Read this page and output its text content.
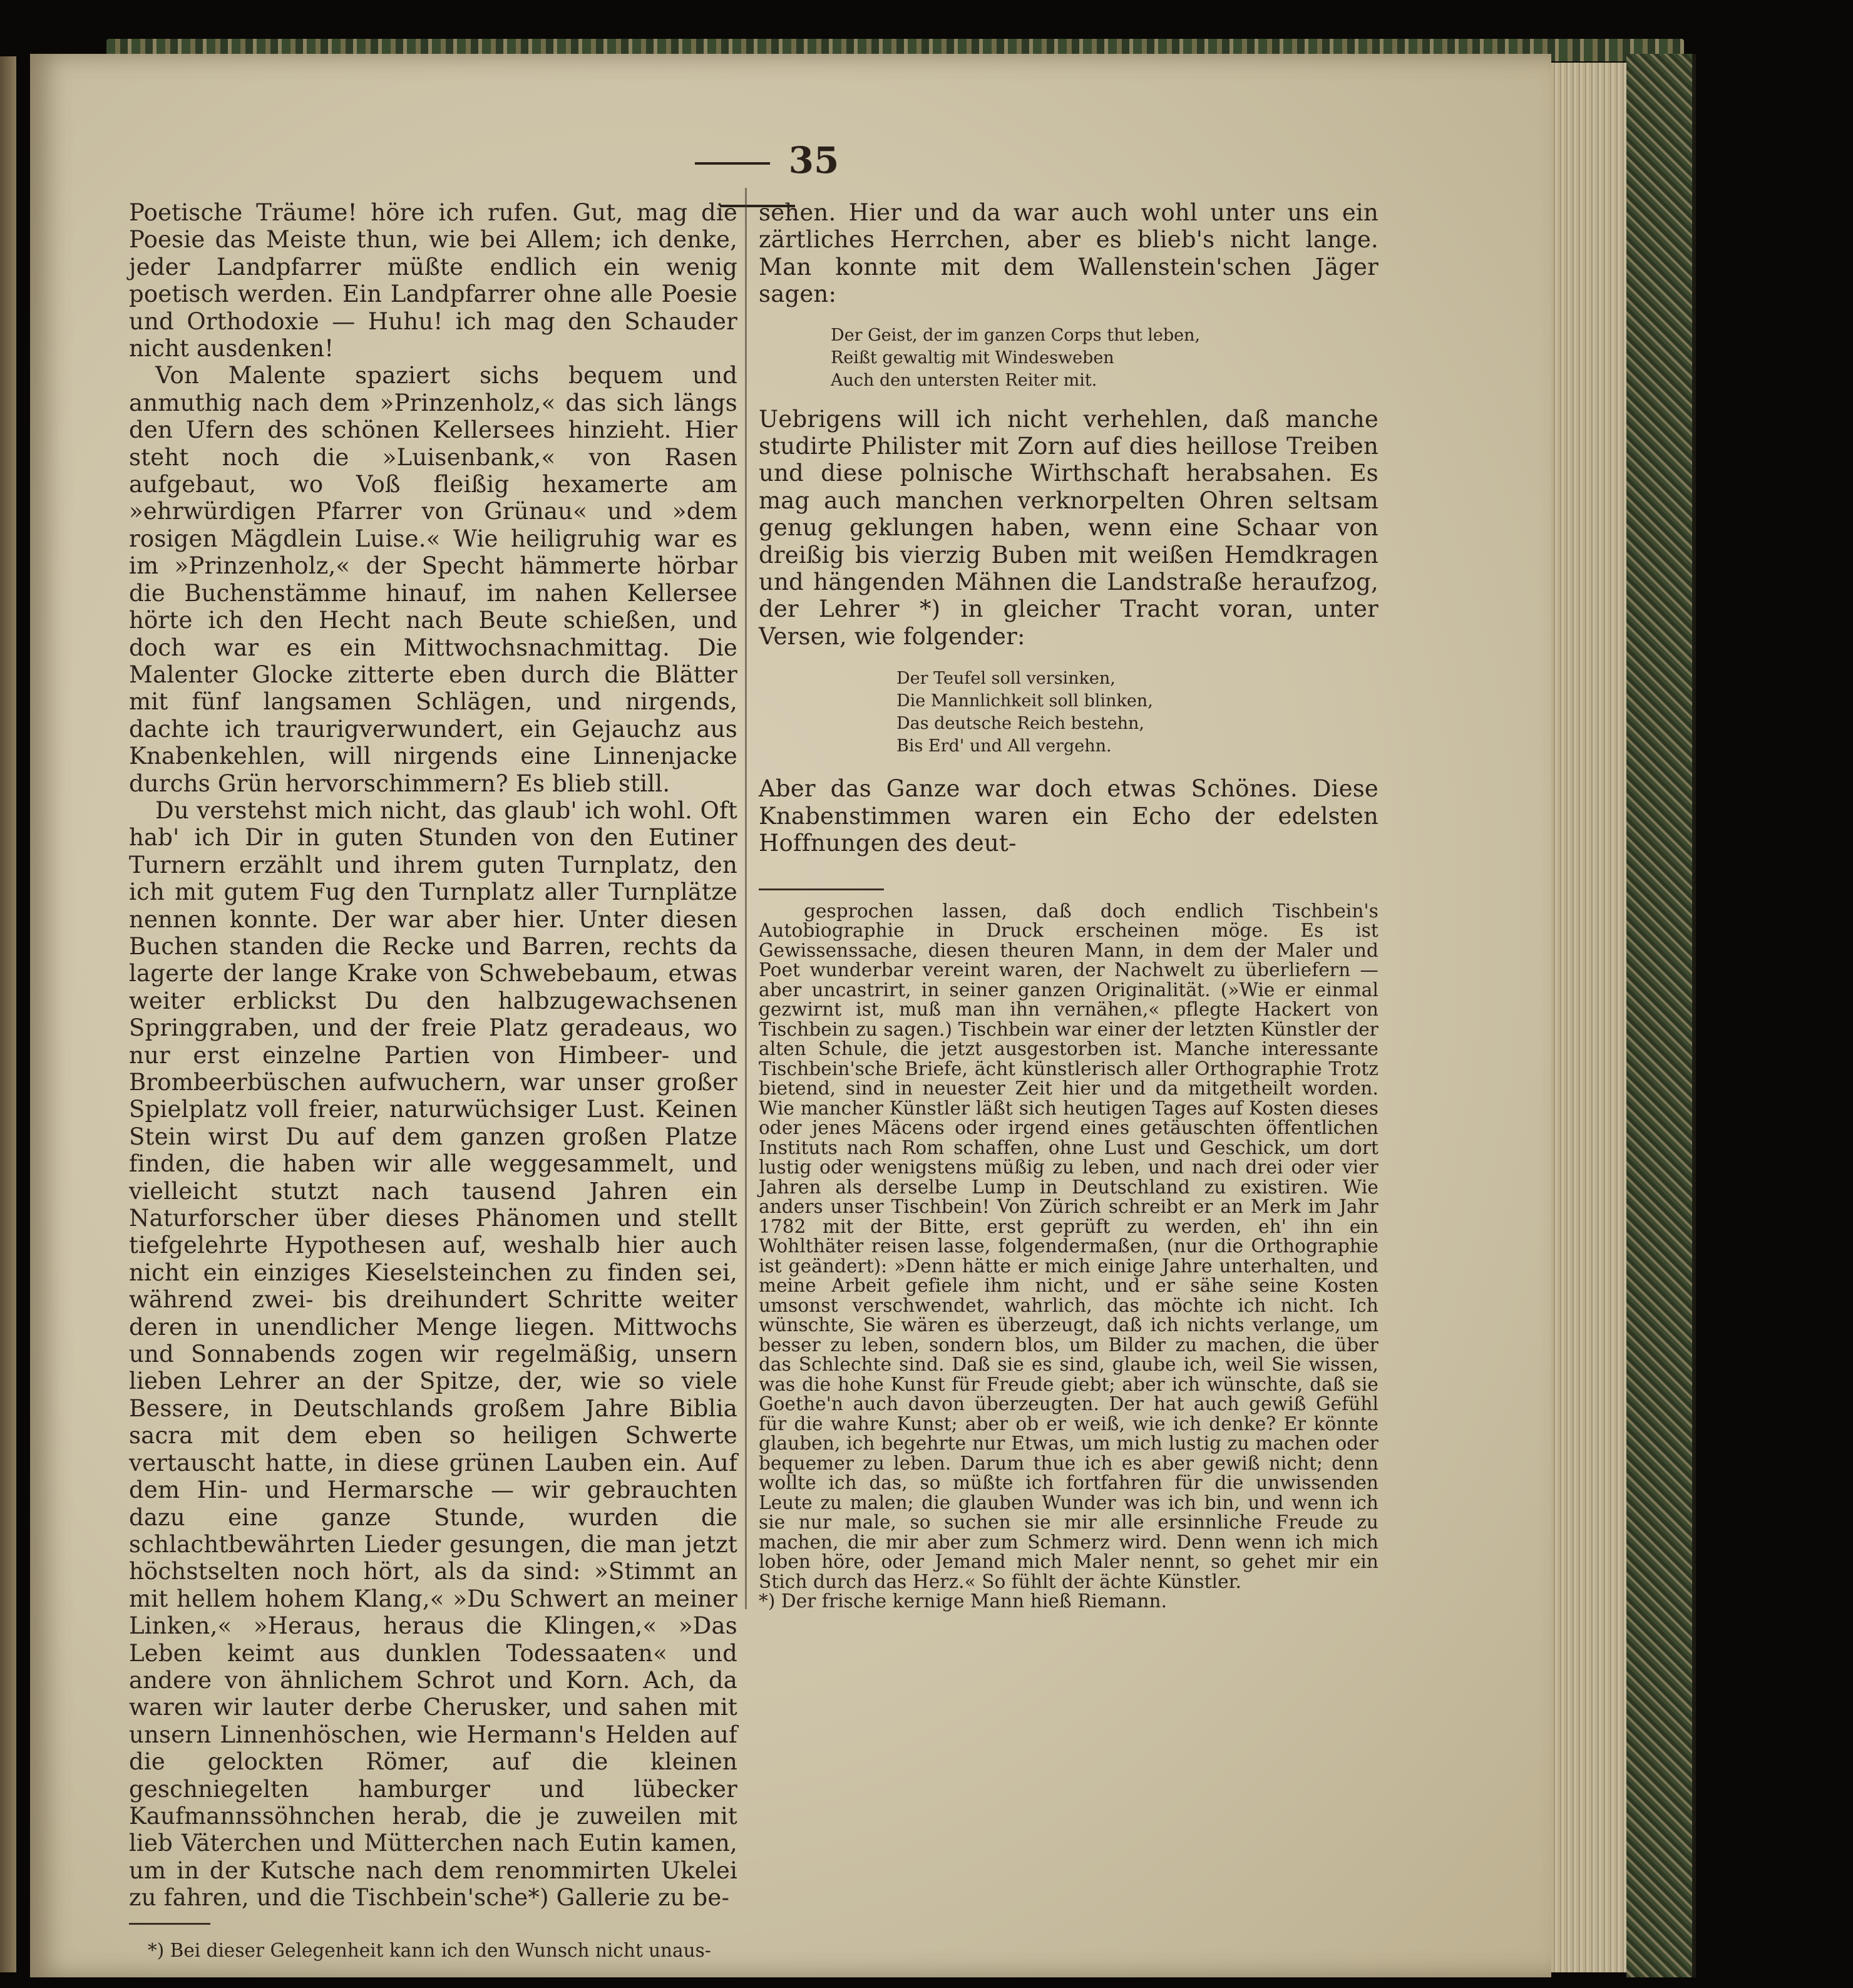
35

Poetische Träume! höre ich rufen. Gut, mag die Poesie das Meiste thun, wie bei Allem; ich denke, jeder Landpfarrer müßte endlich ein wenig poetisch werden. Ein Landpfarrer ohne alle Poesie und Orthodoxie — Huhu! ich mag den Schauder nicht ausdenken!

Von Malente spaziert sichs bequem und anmuthig nach dem »Prinzenholz,« das sich längs den Ufern des schönen Kellersees hinzieht. Hier steht noch die »Luisenbank,« von Rasen aufgebaut, wo Voß fleißig hexamerte am »ehrwürdigen Pfarrer von Grünau« und »dem rosigen Mägdlein Luise.« Wie heiligruhig war es im »Prinzenholz,« der Specht hämmerte hörbar die Buchenstämme hinauf, im nahen Kellersee hörte ich den Hecht nach Beute schießen, und doch war es ein Mittwochsnachmittag. Die Malenter Glocke zitterte eben durch die Blätter mit fünf langsamen Schlägen, und nirgends, dachte ich traurigverwundert, ein Gejauchz aus Knabenkehlen, will nirgends eine Linnenjacke durchs Grün hervorschimmern? Es blieb still.

Du verstehst mich nicht, das glaub' ich wohl. Oft hab' ich Dir in guten Stunden von den Eutiner Turnern erzählt und ihrem guten Turnplatz, den ich mit gutem Fug den Turnplatz aller Turnplätze nennen konnte. Der war aber hier. Unter diesen Buchen standen die Recke und Barren, rechts da lagerte der lange Krake von Schwebebaum, etwas weiter erblickst Du den halbzugewachsenen Springgraben, und der freie Platz geradeaus, wo nur erst einzelne Partien von Himbeer- und Brombeerbüschen aufwuchern, war unser großer Spielplatz voll freier, naturwüchsiger Lust. Keinen Stein wirst Du auf dem ganzen großen Platze finden, die haben wir alle weggesammelt, und vielleicht stutzt nach tausend Jahren ein Naturforscher über dieses Phänomen und stellt tiefgelehrte Hypothesen auf, weshalb hier auch nicht ein einziges Kieselsteinchen zu finden sei, während zwei- bis dreihundert Schritte weiter deren in unendlicher Menge liegen. Mittwochs und Sonnabends zogen wir regelmäßig, unsern lieben Lehrer an der Spitze, der, wie so viele Bessere, in Deutschlands großem Jahre Biblia sacra mit dem eben so heiligen Schwerte vertauscht hatte, in diese grünen Lauben ein. Auf dem Hin- und Hermarsche — wir gebrauchten dazu eine ganze Stunde, wurden die schlachtbewährten Lieder gesungen, die man jetzt höchstselten noch hört, als da sind: »Stimmt an mit hellem hohem Klang,« »Du Schwert an meiner Linken,« »Heraus, heraus die Klingen,« »Das Leben keimt aus dunklen Todessaaten« und andere von ähnlichem Schrot und Korn. Ach, da waren wir lauter derbe Cherusker, und sahen mit unsern Linnenhöschen, wie Hermann's Helden auf die gelockten Römer, auf die kleinen geschniegelten hamburger und lübecker Kaufmannssöhnchen herab, die je zuweilen mit lieb Väterchen und Mütterchen nach Eutin kamen, um in der Kutsche nach dem renommirten Ukelei zu fahren, und die Tischbein'sche*) Gallerie zu be-

*) Bei dieser Gelegenheit kann ich den Wunsch nicht unaus-

sehen. Hier und da war auch wohl unter uns ein zärtliches Herrchen, aber es blieb's nicht lange. Man konnte mit dem Wallenstein'schen Jäger sagen:

Der Geist, der im ganzen Corps thut leben,
Reißt gewaltig mit Windesweben
Auch den untersten Reiter mit.

Uebrigens will ich nicht verhehlen, daß manche studirte Philister mit Zorn auf dies heillose Treiben und diese polnische Wirthschaft herabsahen. Es mag auch manchen verknorpelten Ohren seltsam genug geklungen haben, wenn eine Schaar von dreißig bis vierzig Buben mit weißen Hemdkragen und hängenden Mähnen die Landstraße heraufzog, der Lehrer *) in gleicher Tracht voran, unter Versen, wie folgender:

Der Teufel soll versinken,
Die Mannlichkeit soll blinken,
Das deutsche Reich bestehn,
Bis Erd' und All vergehn.

Aber das Ganze war doch etwas Schönes. Diese Knabenstimmen waren ein Echo der edelsten Hoffnungen des deut-

gesprochen lassen, daß doch endlich Tischbein's Autobiographie in Druck erscheinen möge. Es ist Gewissenssache, diesen theuren Mann, in dem der Maler und Poet wunderbar vereint waren, der Nachwelt zu überliefern — aber uncastrirt, in seiner ganzen Originalität. (»Wie er einmal gezwirnt ist, muß man ihn vernähen,« pflegte Hackert von Tischbein zu sagen.) Tischbein war einer der letzten Künstler der alten Schule, die jetzt ausgestorben ist. Manche interessante Tischbein'sche Briefe, ächt künstlerisch aller Orthographie Trotz bietend, sind in neuester Zeit hier und da mitgetheilt worden. Wie mancher Künstler läßt sich heutigen Tages auf Kosten dieses oder jenes Mäcens oder irgend eines getäuschten öffentlichen Instituts nach Rom schaffen, ohne Lust und Geschick, um dort lustig oder wenigstens müßig zu leben, und nach drei oder vier Jahren als derselbe Lump in Deutschland zu existiren. Wie anders unser Tischbein! Von Zürich schreibt er an Merk im Jahr 1782 mit der Bitte, erst geprüft zu werden, eh' ihn ein Wohlthäter reisen lasse, folgendermaßen, (nur die Orthographie ist geändert): »Denn hätte er mich einige Jahre unterhalten, und meine Arbeit gefiele ihm nicht, und er sähe seine Kosten umsonst verschwendet, wahrlich, das möchte ich nicht. Ich wünschte, Sie wären es überzeugt, daß ich nichts verlange, um besser zu leben, sondern blos, um Bilder zu machen, die über das Schlechte sind. Daß sie es sind, glaube ich, weil Sie wissen, was die hohe Kunst für Freude giebt; aber ich wünschte, daß sie Goethe'n auch davon überzeugten. Der hat auch gewiß Gefühl für die wahre Kunst; aber ob er weiß, wie ich denke? Er könnte glauben, ich begehrte nur Etwas, um mich lustig zu machen oder bequemer zu leben. Darum thue ich es aber gewiß nicht; denn wollte ich das, so müßte ich fortfahren für die unwissenden Leute zu malen; die glauben Wunder was ich bin, und wenn ich sie nur male, so suchen sie mir alle ersinnliche Freude zu machen, die mir aber zum Schmerz wird. Denn wenn ich mich loben höre, oder Jemand mich Maler nennt, so gehet mir ein Stich durch das Herz.« So fühlt der ächte Künstler.

*) Der frische kernige Mann hieß Riemann.
